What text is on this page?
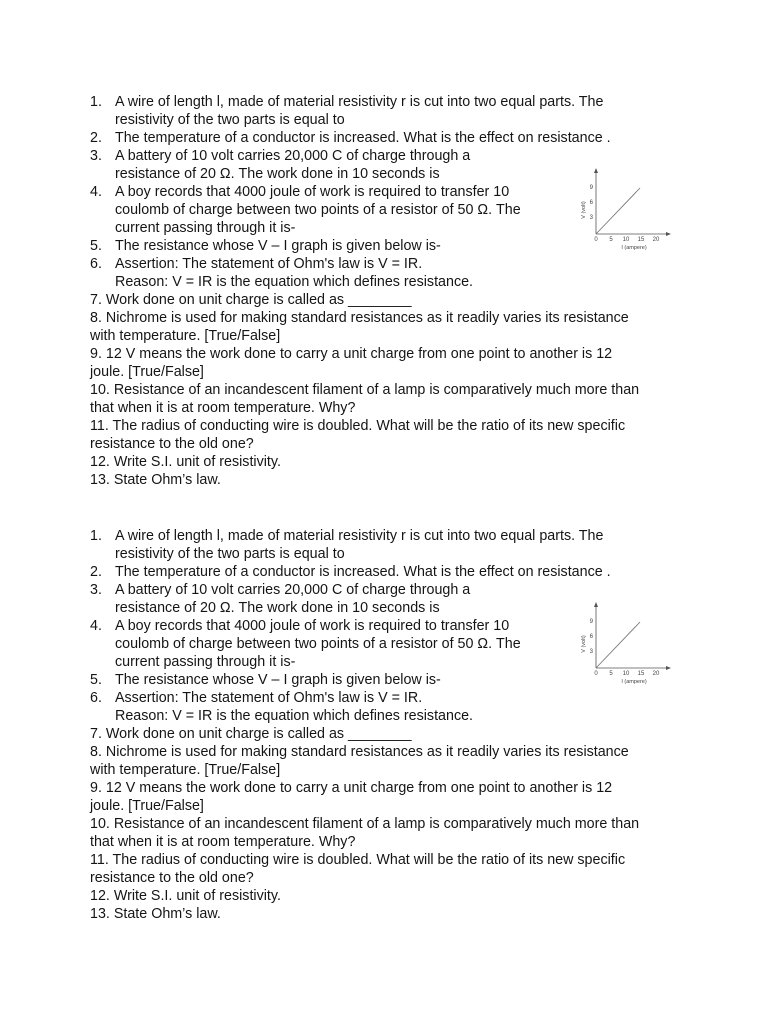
1. A wire of length l, made of material resistivity r is cut into two equal parts. The
resistivity of the two parts is equal to
2. The temperature of a conductor is increased. What is the effect on resistance .
3. A battery of 10 volt carries 20,000 C of charge through a
resistance of 20 Ω. The work done in 10 seconds is
4. A boy records that 4000 joule of work is required to transfer 10
coulomb of charge between two points of a resistor of 50 Ω. The
current passing through it is-
5. The resistance whose V – I graph is given below is-
6. Assertion: The statement of Ohm's law is V = IR.
Reason: V = IR is the equation which defines resistance.
7. Work done on unit charge is called as ________
8. Nichrome is used for making standard resistances as it readily varies its resistance
with temperature. [True/False]
9. 12 V means the work done to carry a unit charge from one point to another is 12
joule. [True/False]
10. Resistance of an incandescent filament of a lamp is comparatively much more than
that when it is at room temperature. Why?
11. The radius of conducting wire is doubled. What will be the ratio of its new specific
resistance to the old one?
12. Write S.I. unit of resistivity.
13. State Ohm’s law.
9
6
3
V (volt)
0 5 10 15 20
I (ampere)
1. A wire of length l, made of material resistivity r is cut into two equal parts. The
resistivity of the two parts is equal to
2. The temperature of a conductor is increased. What is the effect on resistance .
3. A battery of 10 volt carries 20,000 C of charge through a
resistance of 20 Ω. The work done in 10 seconds is
4. A boy records that 4000 joule of work is required to transfer 10
coulomb of charge between two points of a resistor of 50 Ω. The
current passing through it is-
5. The resistance whose V – I graph is given below is-
6. Assertion: The statement of Ohm's law is V = IR.
Reason: V = IR is the equation which defines resistance.
7. Work done on unit charge is called as ________
8. Nichrome is used for making standard resistances as it readily varies its resistance
with temperature. [True/False]
9. 12 V means the work done to carry a unit charge from one point to another is 12
joule. [True/False]
10. Resistance of an incandescent filament of a lamp is comparatively much more than
that when it is at room temperature. Why?
11. The radius of conducting wire is doubled. What will be the ratio of its new specific
resistance to the old one?
12. Write S.I. unit of resistivity.
13. State Ohm’s law.
9
6
3
V (volt)
0 5 10 15 20
I (ampere)
